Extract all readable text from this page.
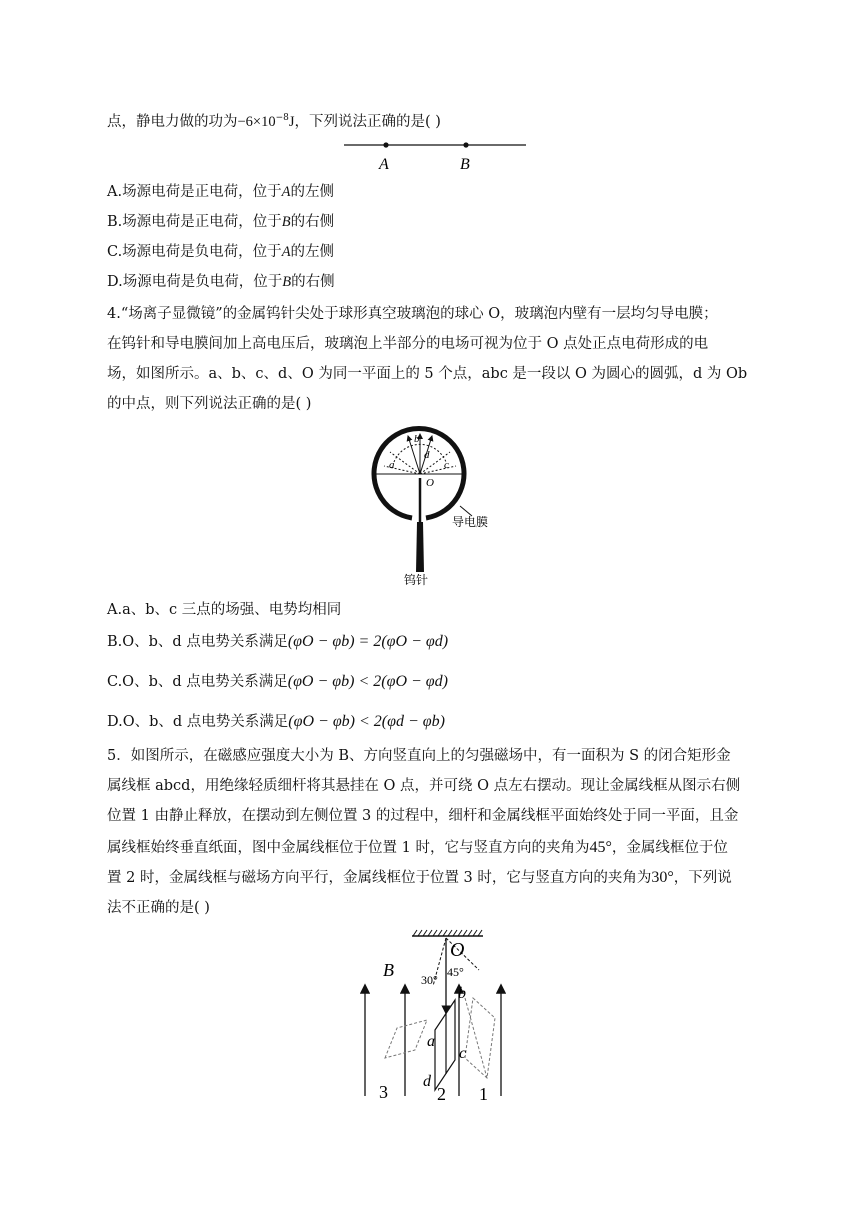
点，静电力做的功为$-6\times 10^{-8}J$，下列说法正确的是( )
A	B
A.场源电荷是正电荷，位于A的左侧
B.场源电荷是正电荷，位于B的右侧
C.场源电荷是负电荷，位于A的左侧
D.场源电荷是负电荷，位于B的右侧
4.“场离子显微镜”的金属钨针尖处于球形真空玻璃泡的球心 O，玻璃泡内壁有一层均匀导电膜；
在钨针和导电膜间加上高电压后，玻璃泡上半部分的电场可视为位于 O 点处正点电荷形成的电
场，如图所示。a、b、c、d、O 为同一平面上的 5 个点，abc 是一段以 O 为圆心的圆弧，d 为 Ob
的中点，则下列说法正确的是( )
a
b
c
d
O
导电膜
钨针
A.a、b、c 三点的场强、电势均相同
B.O、b、d 点电势关系满足(φO − φb) = 2(φO − φd)
C.O、b、d 点电势关系满足(φO − φb) < 2(φO − φd)
D.O、b、d 点电势关系满足(φO − φb) < 2(φd − φb)
5．如图所示，在磁感应强度大小为 B、方向竖直向上的匀强磁场中，有一面积为 S 的闭合矩形金
属线框 abcd，用绝缘轻质细杆将其悬挂在 O 点，并可绕 O 点左右摆动。现让金属线框从图示右侧
位置 1 由静止释放，在摆动到左侧位置 3 的过程中，细杆和金属线框平面始终处于同一平面，且金
属线框始终垂直纸面，图中金属线框位于位置 1 时，它与竖直方向的夹角为45°，金属线框位于位
置 2 时，金属线框与磁场方向平行，金属线框位于位置 3 时，它与竖直方向的夹角为30°，下列说
法不正确的是( )
B
O
30°
45°
b
a
c
d
3	2 1
